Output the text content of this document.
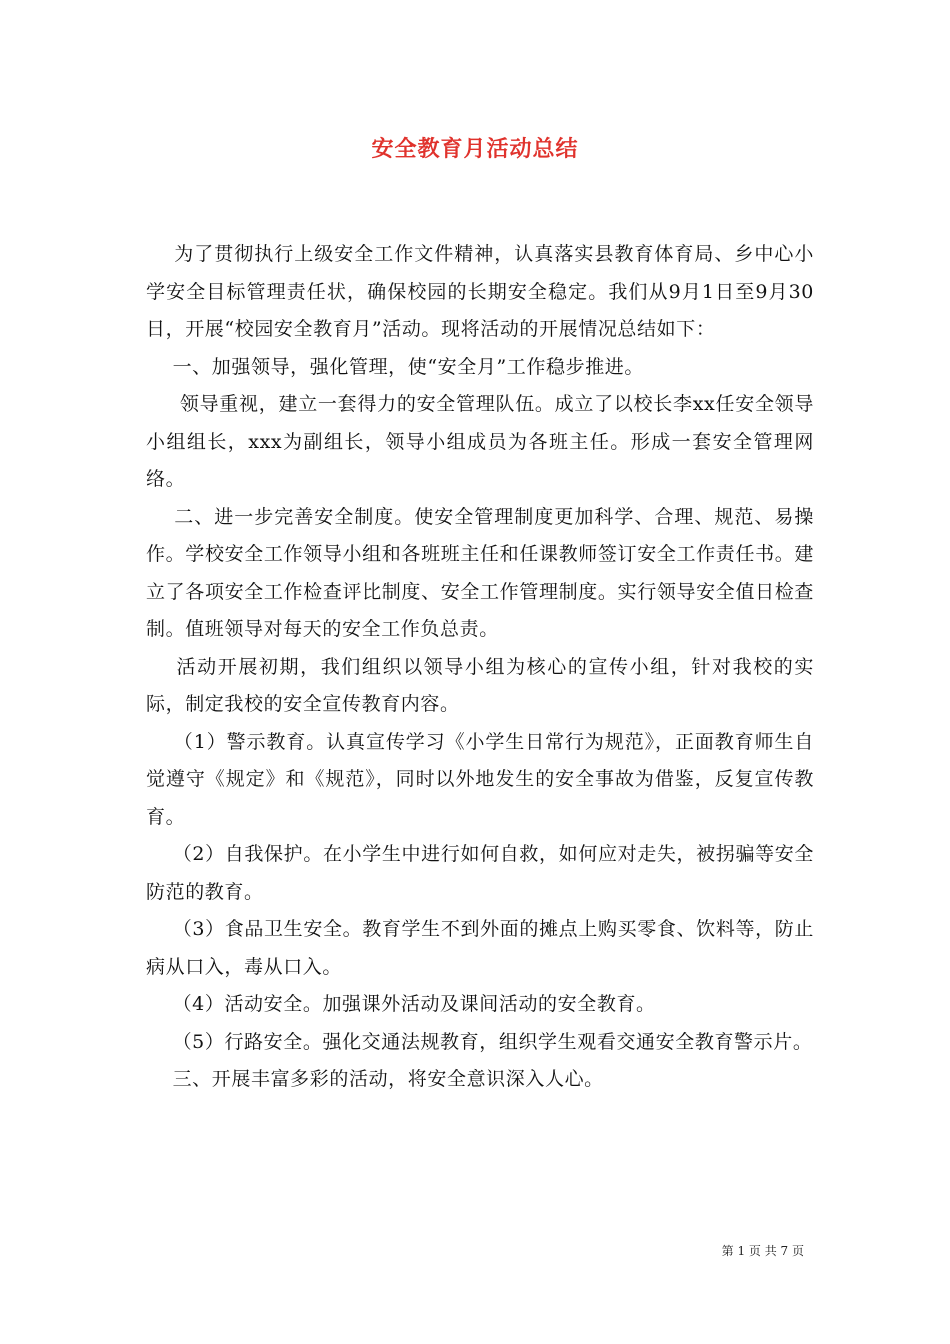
安全教育月活动总结

为了贯彻执行上级安全工作文件精神，认真落实县教育体育局、乡中心小学安全目标管理责任状，确保校园的长期安全稳定。我们从9月1日至9月30日，开展“校园安全教育月”活动。现将活动的开展情况总结如下：

一、加强领导，强化管理，使“安全月”工作稳步推进。

领导重视，建立一套得力的安全管理队伍。成立了以校长李xx任安全领导小组组长，xxx为副组长，领导小组成员为各班主任。形成一套安全管理网络。

二、进一步完善安全制度。使安全管理制度更加科学、合理、规范、易操作。学校安全工作领导小组和各班班主任和任课教师签订安全工作责任书。建立了各项安全工作检查评比制度、安全工作管理制度。实行领导安全值日检查制。值班领导对每天的安全工作负总责。

活动开展初期，我们组织以领导小组为核心的宣传小组，针对我校的实际，制定我校的安全宣传教育内容。

（1）警示教育。认真宣传学习《小学生日常行为规范》，正面教育师生自觉遵守《规定》和《规范》，同时以外地发生的安全事故为借鉴，反复宣传教育。

（2）自我保护。在小学生中进行如何自救，如何应对走失，被拐骗等安全防范的教育。

（3）食品卫生安全。教育学生不到外面的摊点上购买零食、饮料等，防止病从口入，毒从口入。

（4）活动安全。加强课外活动及课间活动的安全教育。

（5）行路安全。强化交通法规教育，组织学生观看交通安全教育警示片。

三、开展丰富多彩的活动，将安全意识深入人心。

第 1 页 共 7 页
